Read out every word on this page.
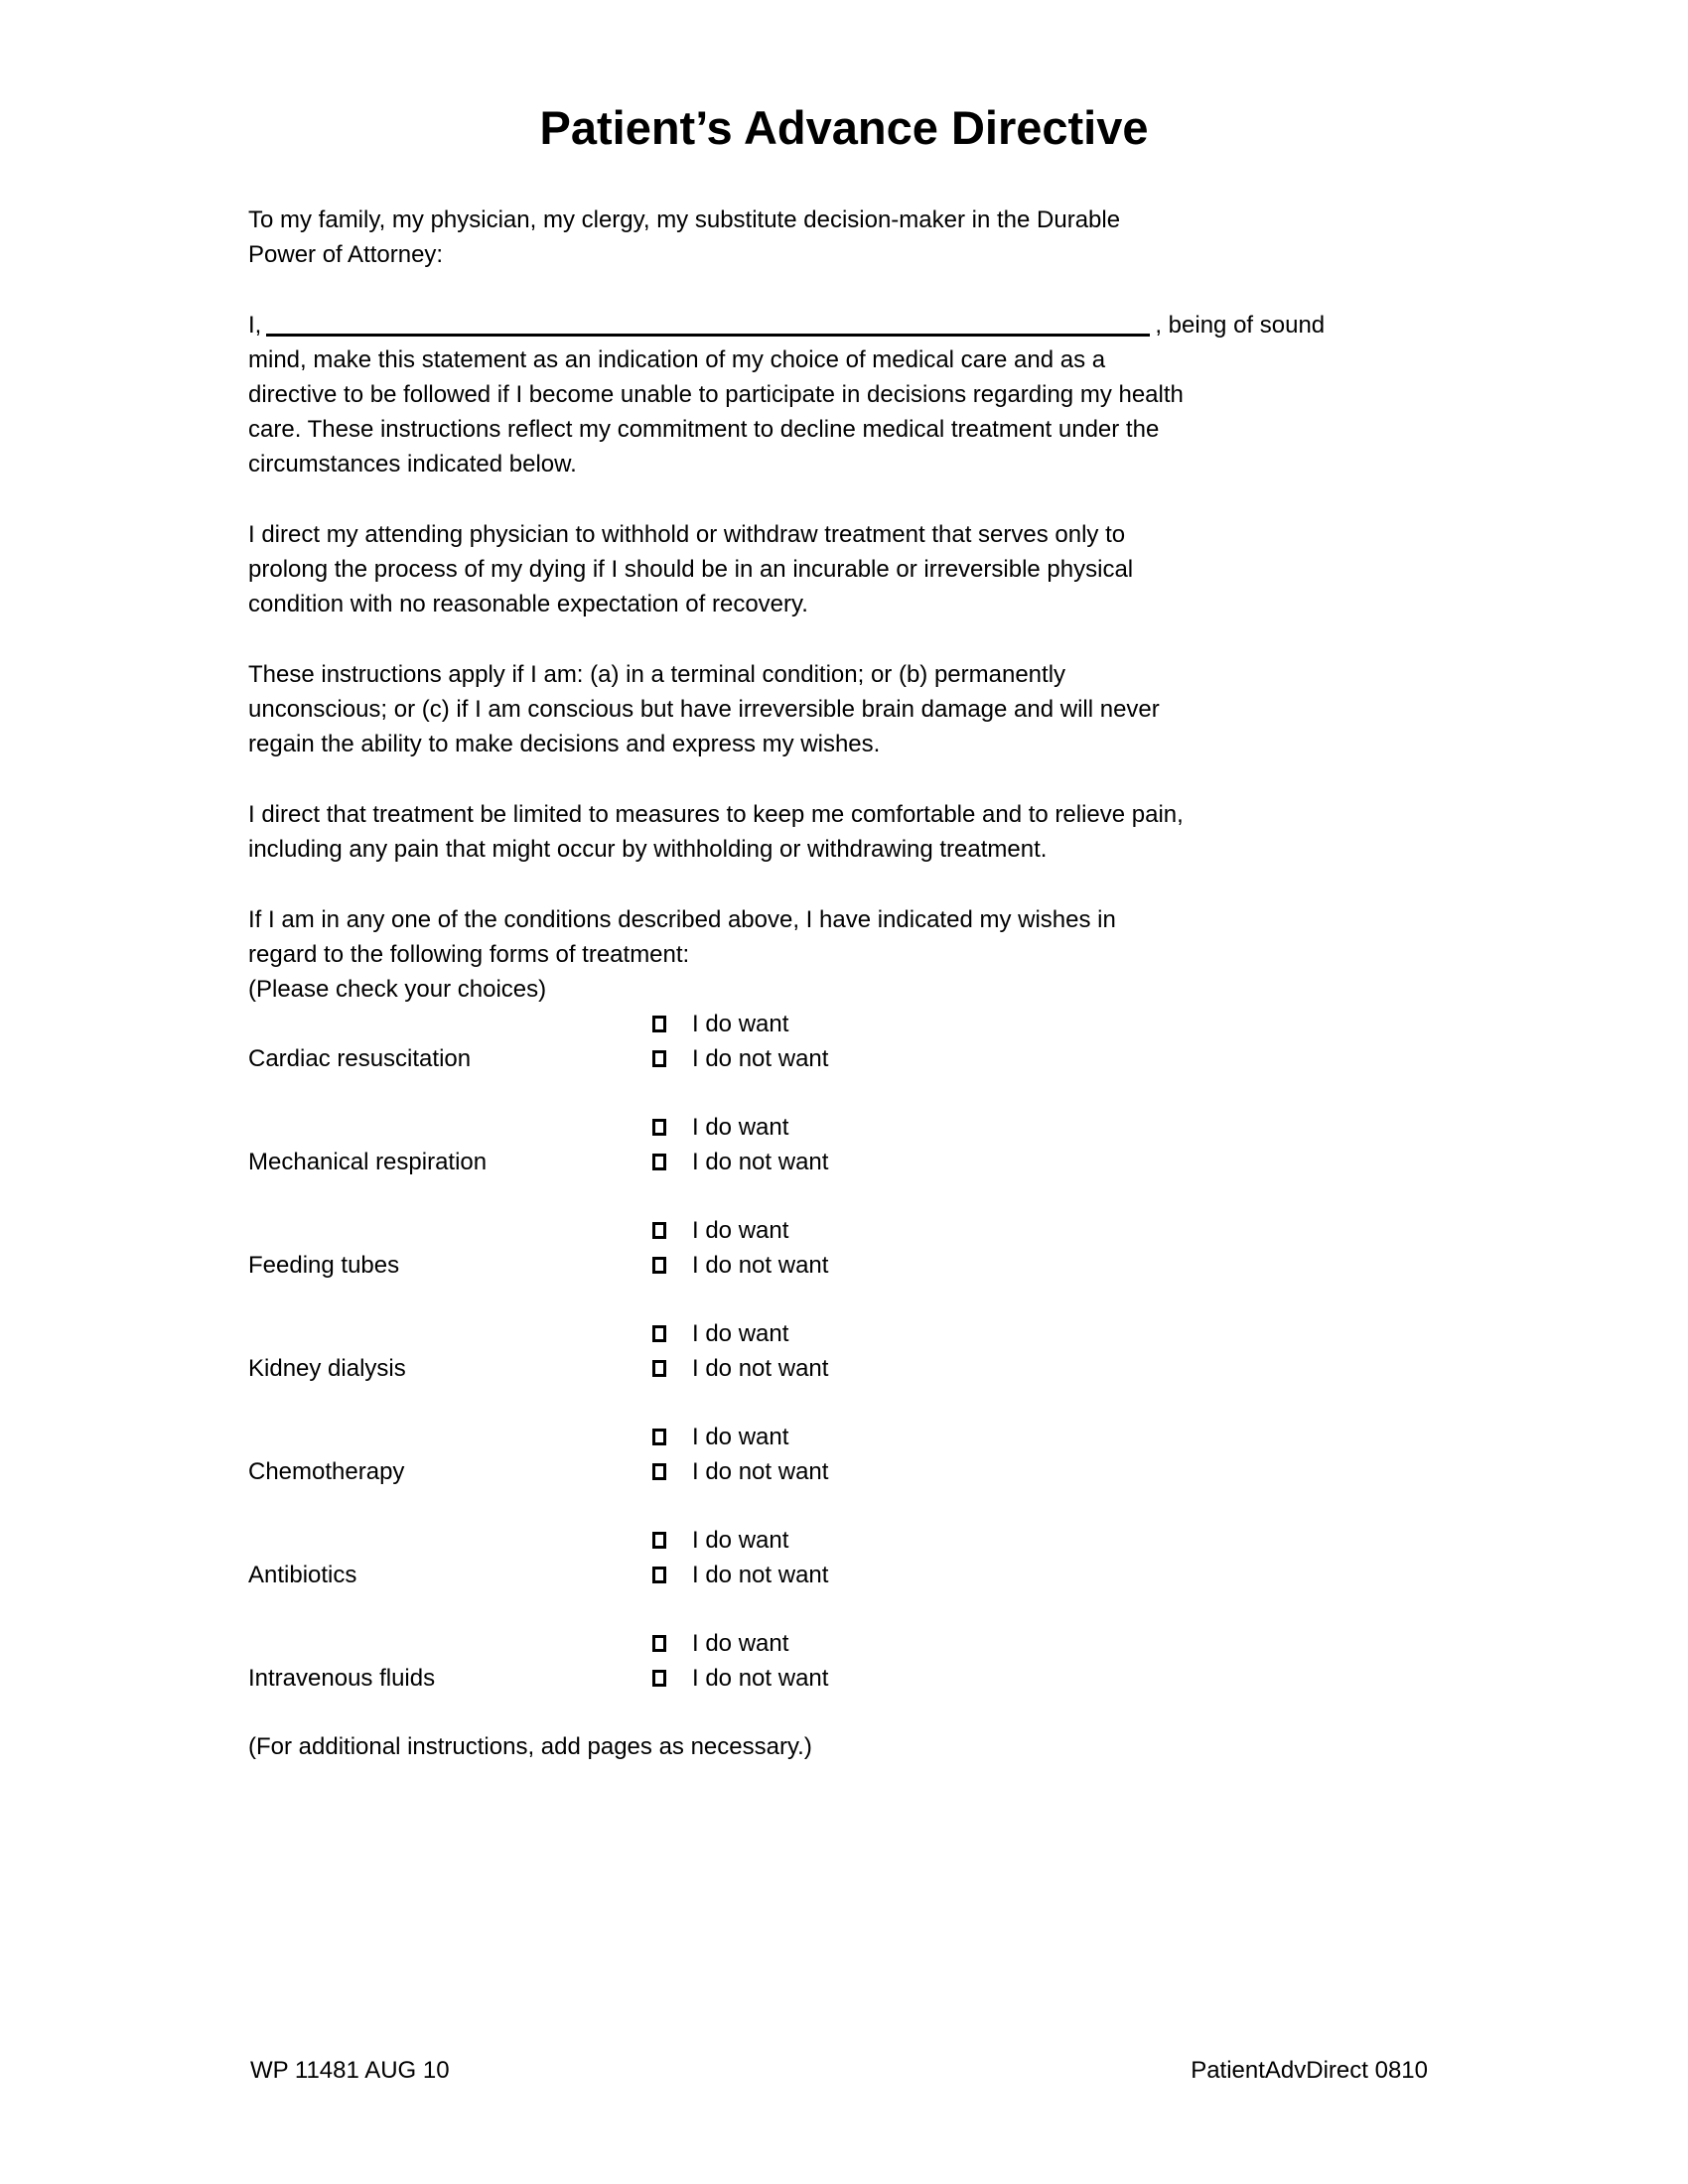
Patient’s Advance Directive

To my family, my physician, my clergy, my substitute decision-maker in the Durable
Power of Attorney:

I,	, being of sound
mind, make this statement as an indication of my choice of medical care and as a
directive to be followed if I become unable to participate in decisions regarding my health
care. These instructions reflect my commitment to decline medical treatment under the
circumstances indicated below.

I direct my attending physician to withhold or withdraw treatment that serves only to
prolong the process of my dying if I should be in an incurable or irreversible physical
condition with no reasonable expectation of recovery.

These instructions apply if I am: (a) in a terminal condition; or (b) permanently
unconscious; or (c) if I am conscious but have irreversible brain damage and will never
regain the ability to make decisions and express my wishes.

I direct that treatment be limited to measures to keep me comfortable and to relieve pain,
including any pain that might occur by withholding or withdrawing treatment.

If I am in any one of the conditions described above, I have indicated my wishes in
regard to the following forms of treatment:
(Please check your choices)

Cardiac resuscitation
I do want
I do not want
Mechanical respiration
I do want
I do not want
Feeding tubes
I do want
I do not want
Kidney dialysis
I do want
I do not want
Chemotherapy
I do want
I do not want
Antibiotics
I do want
I do not want
Intravenous fluids
I do want
I do not want

(For additional instructions, add pages as necessary.)

WP 11481 AUG 10	PatientAdvDirect 0810
